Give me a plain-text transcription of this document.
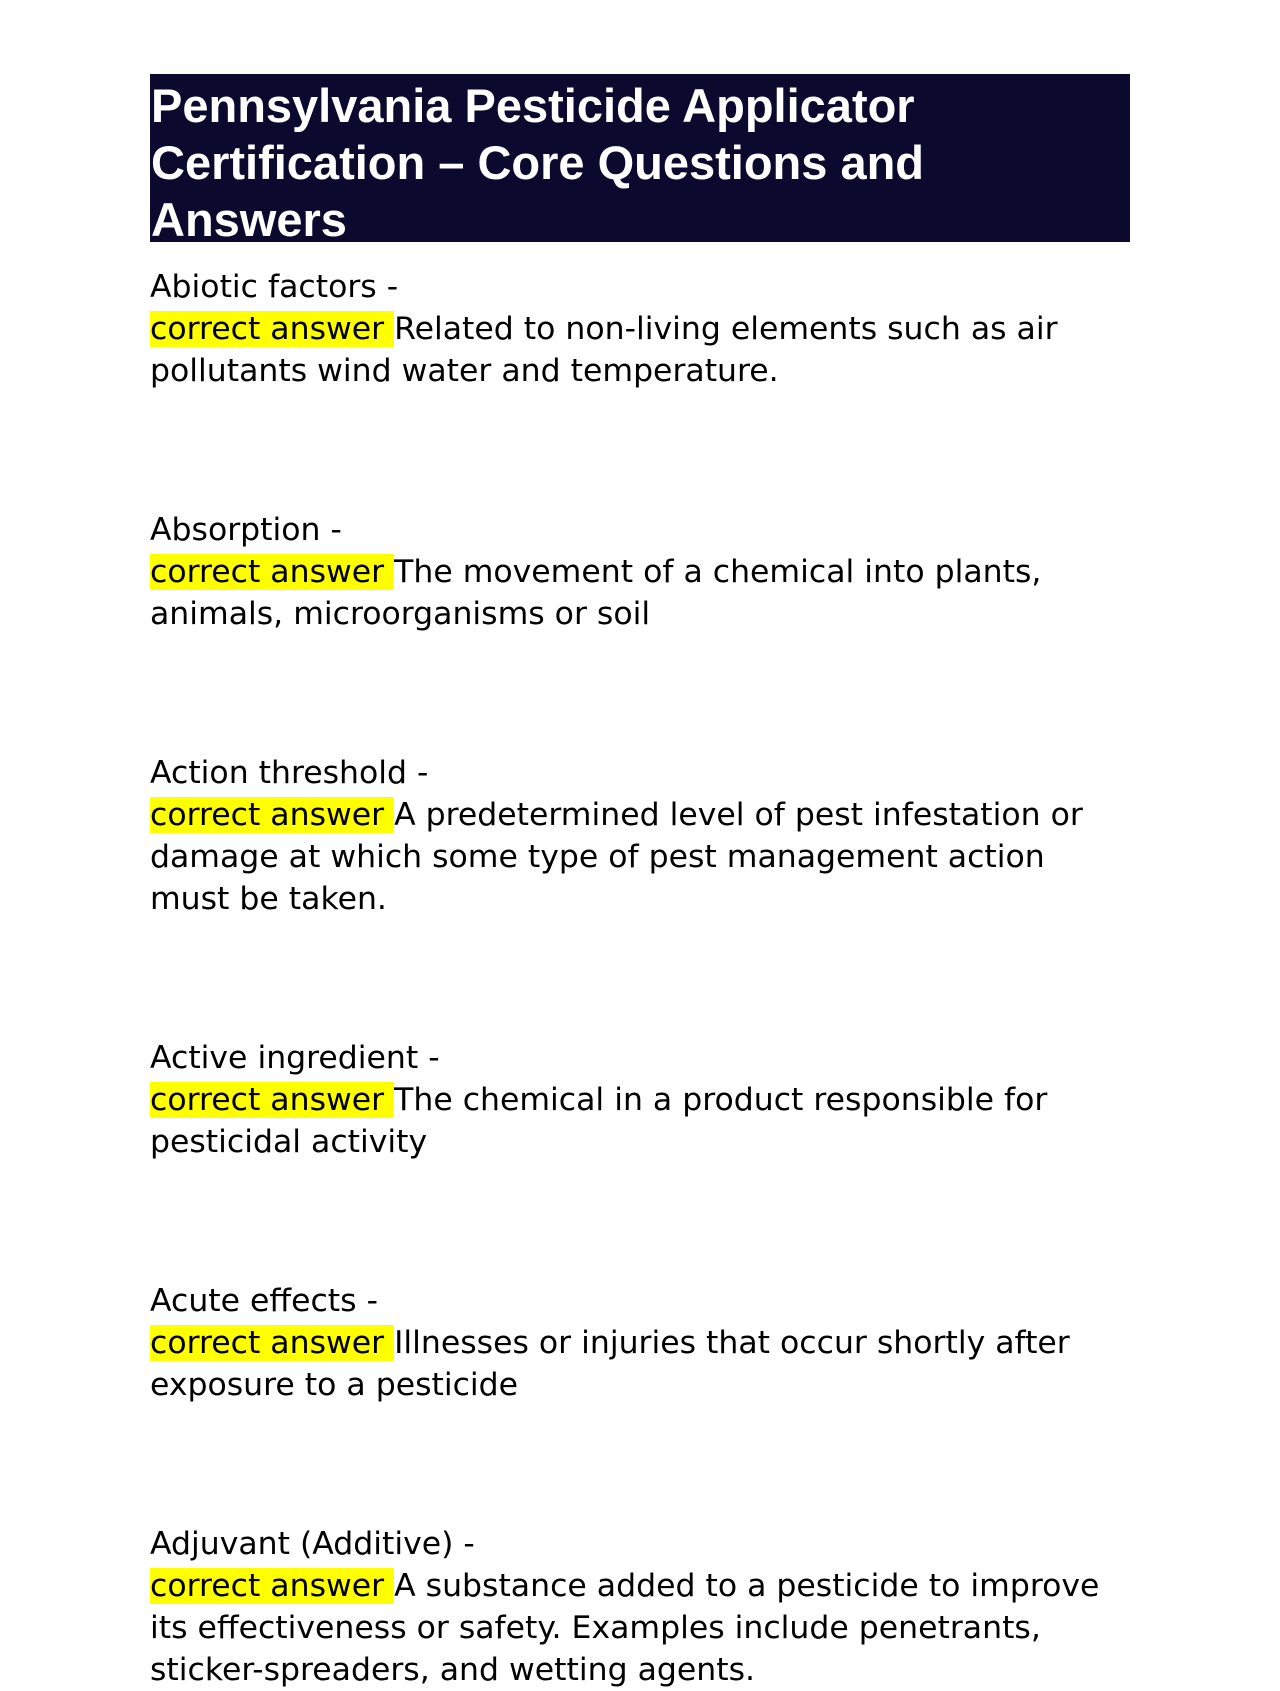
Pennsylvania Pesticide Applicator Certification – Core Questions and Answers
Abiotic factors -
correct answer Related to non-living elements such as air pollutants wind water and temperature.
Absorption -
correct answer The movement of a chemical into plants, animals, microorganisms or soil
Action threshold -
correct answer A predetermined level of pest infestation or damage at which some type of pest management action must be taken.
Active ingredient -
correct answer The chemical in a product responsible for pesticidal activity
Acute effects -
correct answer Illnesses or injuries that occur shortly after exposure to a pesticide
Adjuvant (Additive) -
correct answer A substance added to a pesticide to improve its effectiveness or safety. Examples include penetrants, sticker-spreaders, and wetting agents.
